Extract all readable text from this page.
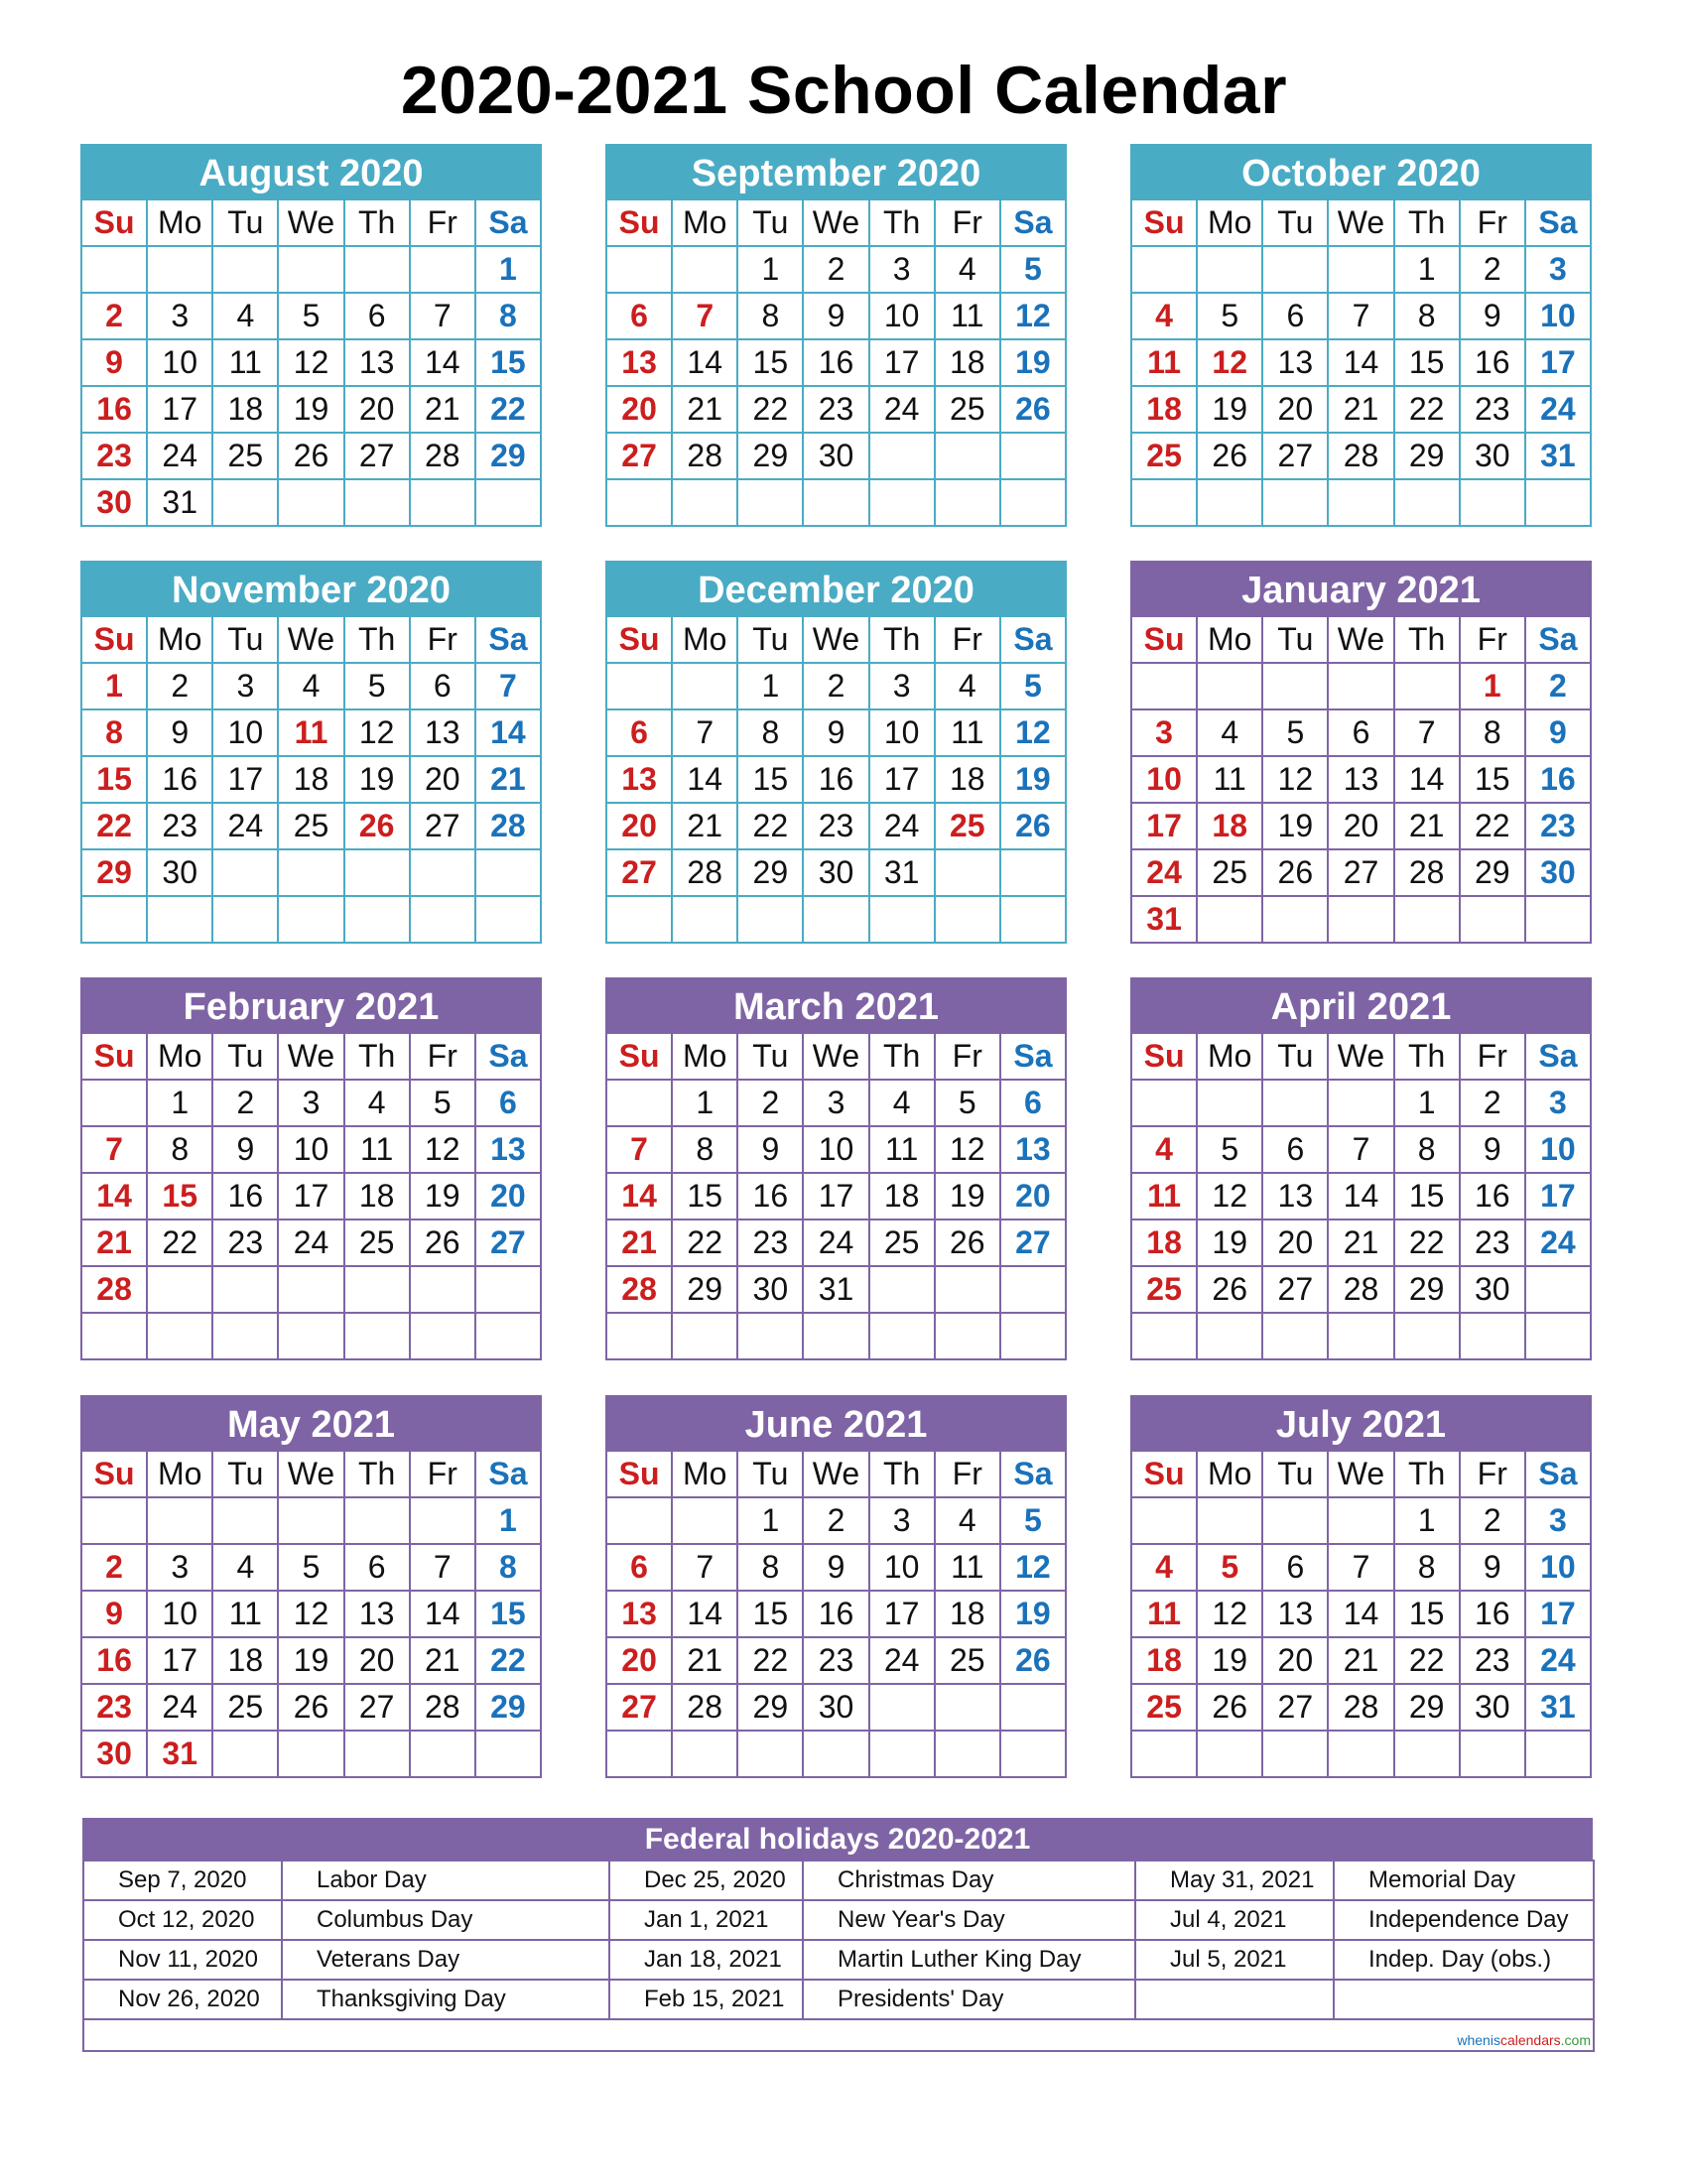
2020-2021 School Calendar
August 2020
Su	Mo	Tu	We	Th	Fr	Sa
						1
2	3	4	5	6	7	8
9	10	11	12	13	14	15
16	17	18	19	20	21	22
23	24	25	26	27	28	29
30	31					
September 2020
Su	Mo	Tu	We	Th	Fr	Sa
		1	2	3	4	5
6	7	8	9	10	11	12
13	14	15	16	17	18	19
20	21	22	23	24	25	26
27	28	29	30			

October 2020
Su	Mo	Tu	We	Th	Fr	Sa
				1	2	3
4	5	6	7	8	9	10
11	12	13	14	15	16	17
18	19	20	21	22	23	24
25	26	27	28	29	30	31

November 2020
Su	Mo	Tu	We	Th	Fr	Sa
1	2	3	4	5	6	7
8	9	10	11	12	13	14
15	16	17	18	19	20	21
22	23	24	25	26	27	28
29	30					

December 2020
Su	Mo	Tu	We	Th	Fr	Sa
		1	2	3	4	5
6	7	8	9	10	11	12
13	14	15	16	17	18	19
20	21	22	23	24	25	26
27	28	29	30	31		

January 2021
Su	Mo	Tu	We	Th	Fr	Sa
					1	2
3	4	5	6	7	8	9
10	11	12	13	14	15	16
17	18	19	20	21	22	23
24	25	26	27	28	29	30
31						
February 2021
Su	Mo	Tu	We	Th	Fr	Sa
	1	2	3	4	5	6
7	8	9	10	11	12	13
14	15	16	17	18	19	20
21	22	23	24	25	26	27
28						

March 2021
Su	Mo	Tu	We	Th	Fr	Sa
	1	2	3	4	5	6
7	8	9	10	11	12	13
14	15	16	17	18	19	20
21	22	23	24	25	26	27
28	29	30	31			

April 2021
Su	Mo	Tu	We	Th	Fr	Sa
				1	2	3
4	5	6	7	8	9	10
11	12	13	14	15	16	17
18	19	20	21	22	23	24
25	26	27	28	29	30	

May 2021
Su	Mo	Tu	We	Th	Fr	Sa
						1
2	3	4	5	6	7	8
9	10	11	12	13	14	15
16	17	18	19	20	21	22
23	24	25	26	27	28	29
30	31					
June 2021
Su	Mo	Tu	We	Th	Fr	Sa
		1	2	3	4	5
6	7	8	9	10	11	12
13	14	15	16	17	18	19
20	21	22	23	24	25	26
27	28	29	30			

July 2021
Su	Mo	Tu	We	Th	Fr	Sa
				1	2	3
4	5	6	7	8	9	10
11	12	13	14	15	16	17
18	19	20	21	22	23	24
25	26	27	28	29	30	31

Federal holidays 2020-2021
Sep 7, 2020	Labor Day	Dec 25, 2020	Christmas Day	May 31, 2021	Memorial Day
Oct 12, 2020	Columbus Day	Jan 1, 2021	New Year's Day	Jul 4, 2021	Independence Day
Nov 11, 2020	Veterans Day	Jan 18, 2021	Martin Luther King Day	Jul 5, 2021	Indep. Day (obs.)
Nov 26, 2020	Thanksgiving Day	Feb 15, 2021	Presidents' Day		

wheniscalendars.com					
